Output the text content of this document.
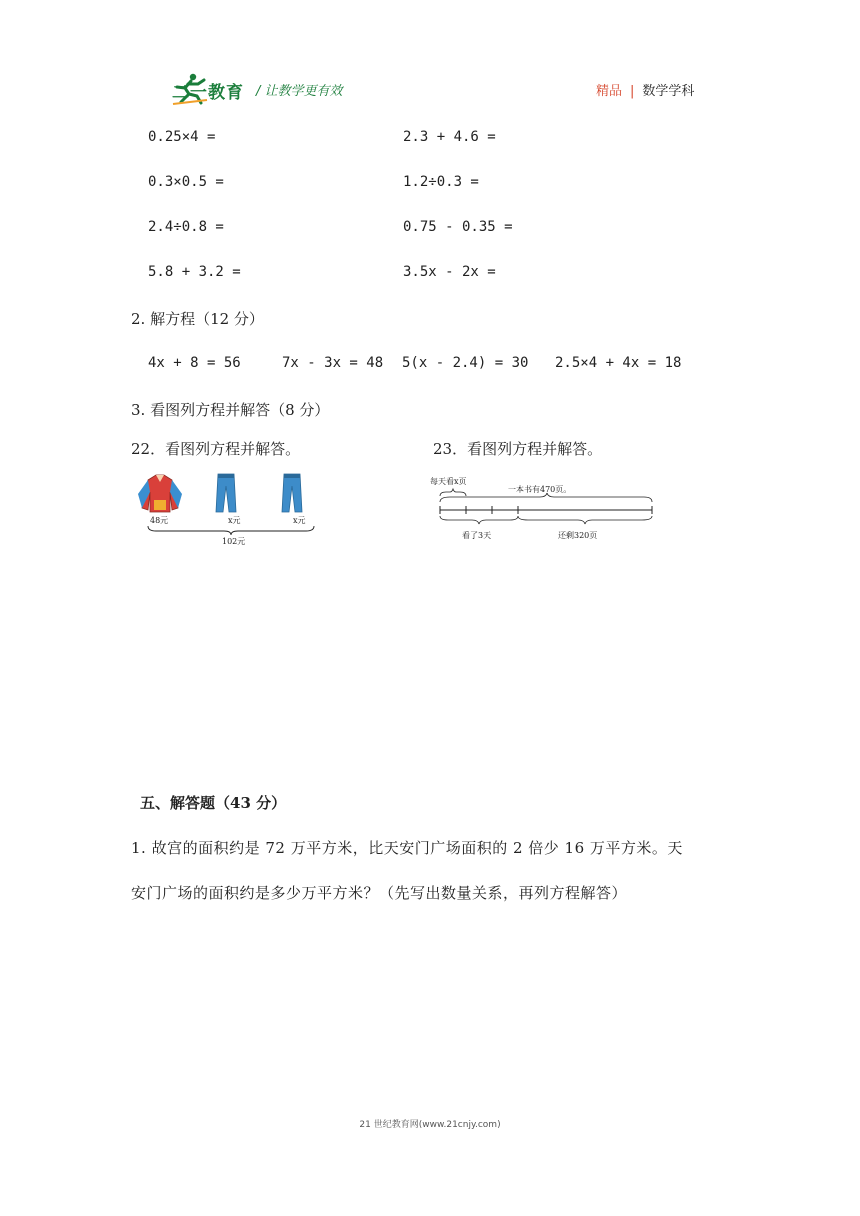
二一教育 / 让教学更有效	精品 | 数学学科
0.25×4 =	2.3 + 4.6 =
0.3×0.5 =	1.2÷0.3 =
2.4÷0.8 =	0.75 - 0.35 =
5.8 + 3.2 =	3.5x - 2x =
2. 解方程（12 分）
4x + 8 = 56	7x - 3x = 48 5(x - 2.4) = 30 2.5×4 + 4x = 18
3. 看图列方程并解答（8 分）
22．看图列方程并解答。	23．看图列方程并解答。
48元	x元	x元
102元
每天看x页
一本书有470页。
看了3天	还剩320页
五、解答题（43 分）
1. 故宫的面积约是 72 万平方米，比天安门广场面积的 2 倍少 16 万平方米。天
安门广场的面积约是多少万平方米？（先写出数量关系，再列方程解答）
21 世纪教育网(www.21cnjy.com)
